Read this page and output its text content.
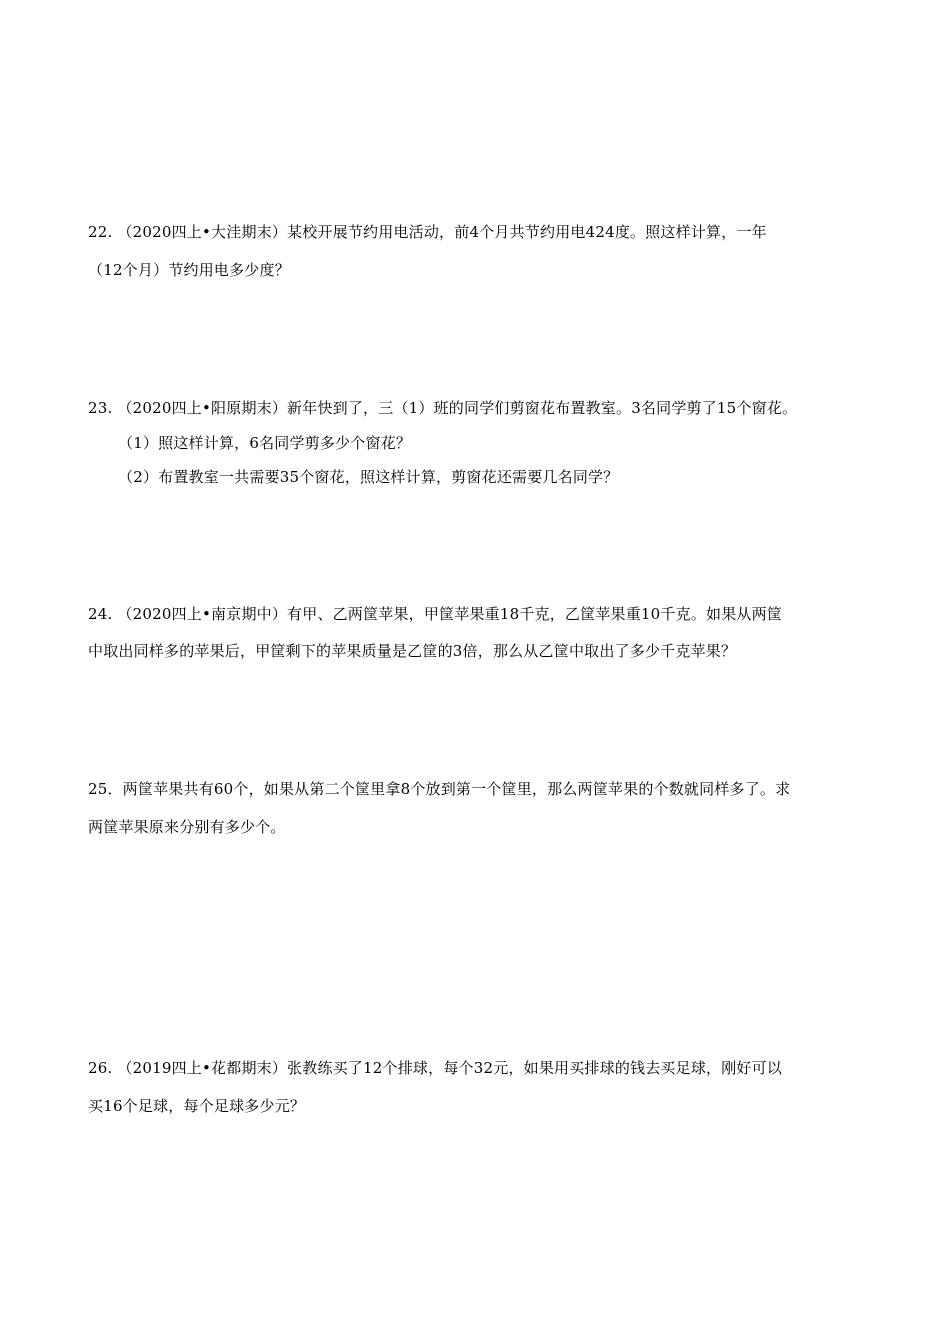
22. （2020四上•大洼期末）某校开展节约用电活动，前4个月共节约用电424度。照这样计算，一年
（12个月）节约用电多少度？
23. （2020四上•阳原期末）新年快到了，三（1）班的同学们剪窗花布置教室。3名同学剪了15个窗花。
（1）照这样计算，6名同学剪多少个窗花？
（2）布置教室一共需要35个窗花，照这样计算，剪窗花还需要几名同学？
24. （2020四上•南京期中）有甲、乙两筐苹果，甲筐苹果重18千克，乙筐苹果重10千克。如果从两筐
中取出同样多的苹果后，甲筐剩下的苹果质量是乙筐的3倍，那么从乙筐中取出了多少千克苹果？
25．两筐苹果共有60个，如果从第二个筐里拿8个放到第一个筐里，那么两筐苹果的个数就同样多了。求
两筐苹果原来分别有多少个。
26. （2019四上•花都期末）张教练买了12个排球，每个32元，如果用买排球的钱去买足球，刚好可以
买16个足球，每个足球多少元？
